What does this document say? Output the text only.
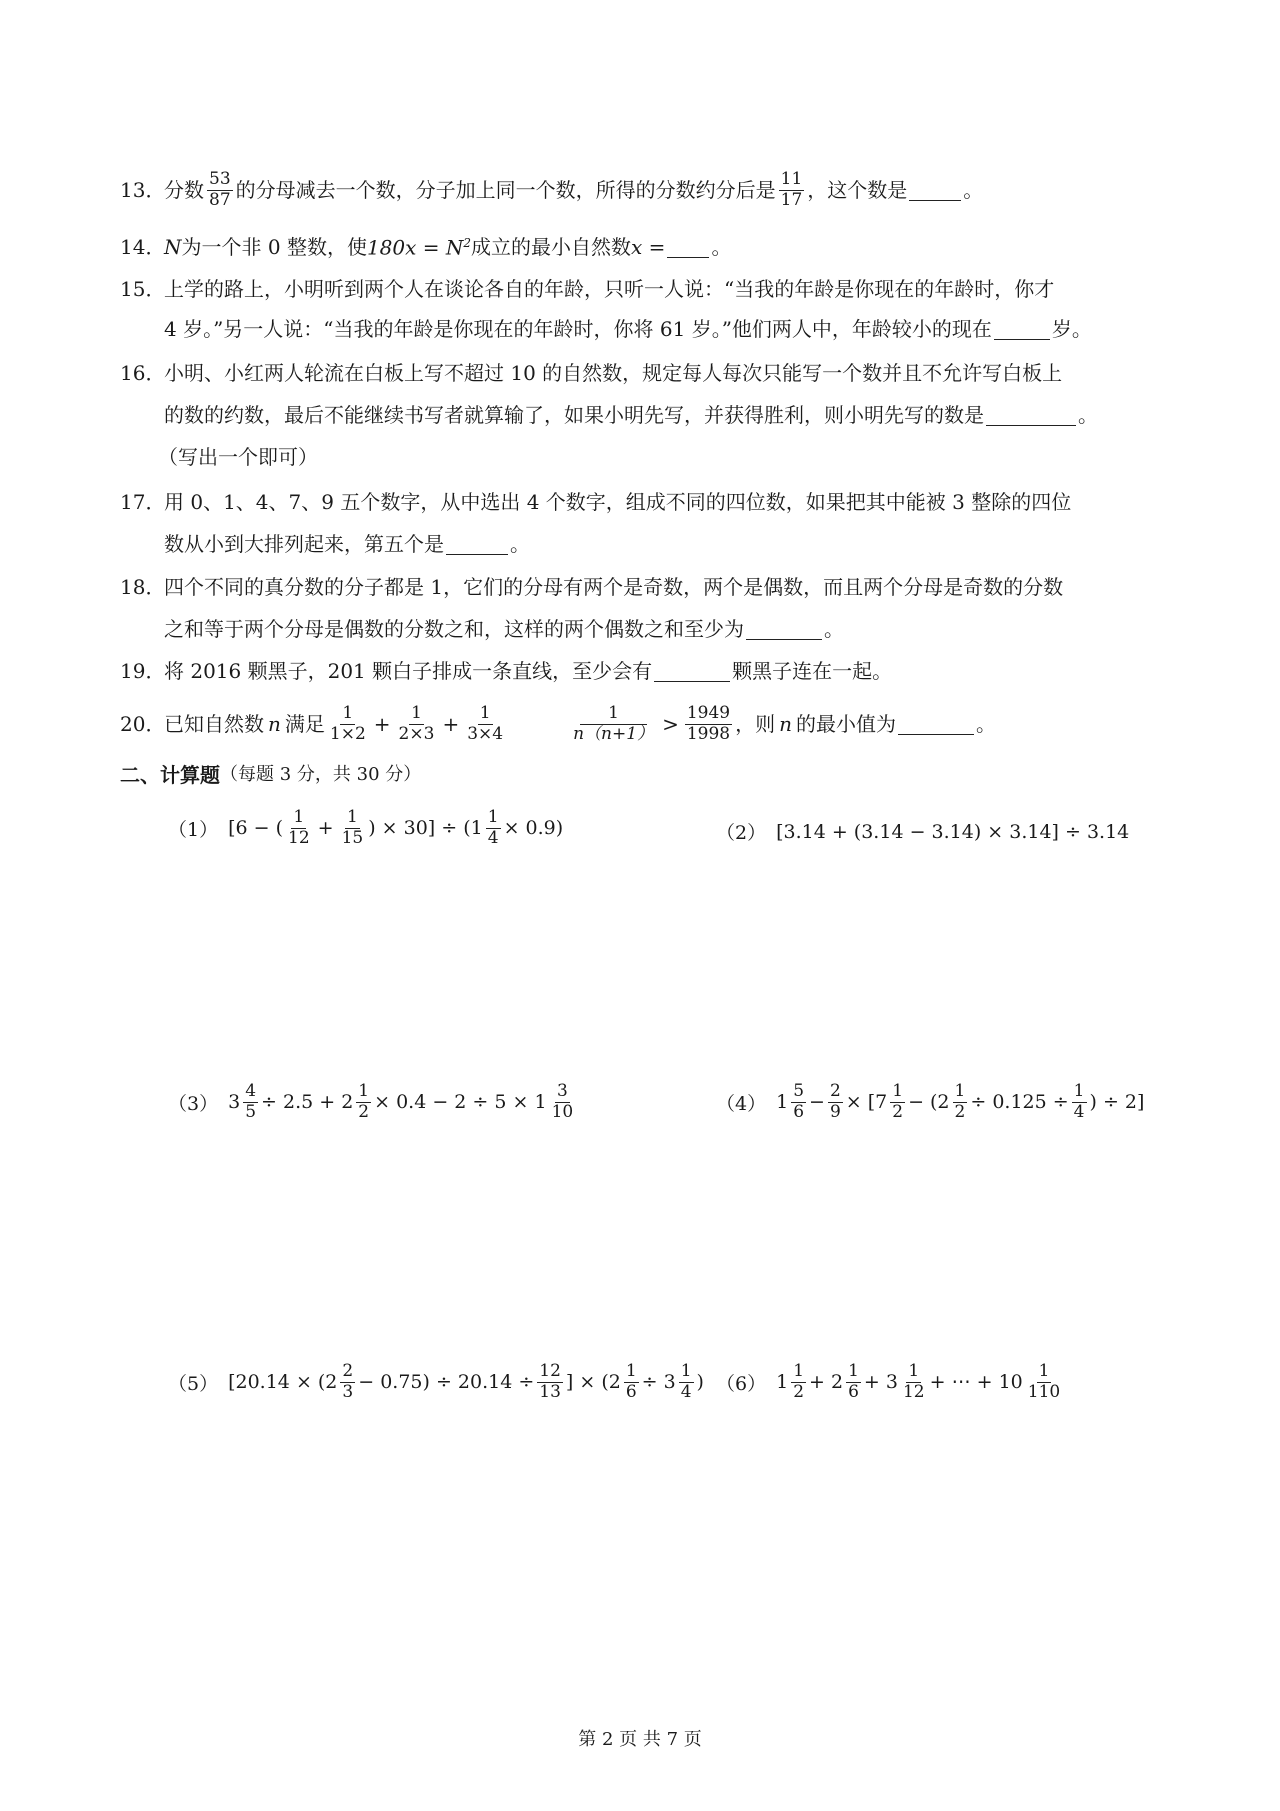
13．
分数 $\frac{53}{87}$ 的分母减去一个数，分子加上同一个数，所得的分数约分后是 $\frac{11}{17}$ ，这个数是	。
14．
N 为一个非 0 整数，使 $180x = N^2$ 成立的最小自然数 x = 。
15．
上学的路上，小明听到两个人在谈论各自的年龄，只听一人说：“当我的年龄是你现在的年龄时，你才
4 岁。”另一人说：“当我的年龄是你现在的年龄时，你将 61 岁。”他们两人中，年龄较小的现在	岁。
16．
小明、小红两人轮流在白板上写不超过 10 的自然数，规定每人每次只能写一个数并且不允许写白板上
的数的约数，最后不能继续书写者就算输了，如果小明先写，并获得胜利，则小明先写的数是	。
（写出一个即可）
17．
用 0、1、4、7、9 五个数字，从中选出 4 个数字，组成不同的四位数，如果把其中能被 3 整除的四位
数从小到大排列起来，第五个是	。
18．
四个不同的真分数的分子都是 1，它们的分母有两个是奇数，两个是偶数，而且两个分母是奇数的分数
之和等于两个分母是偶数的分数之和，这样的两个偶数之和至少为	。
19．
将 2016 颗黑子，201 颗白子排成一条直线，至少会有	颗黑子连在一起。
20．
已知自然数 n 满足 $\frac{1}{1\times 2} + \frac{1}{2\times 3} + \frac{1}{3\times 4}$	$\frac{1}{n(n+1)} > \frac{1949}{1998}$ ，则 n 的最小值为	。
二、计算题 （每题 3 分，共 30 分）
（1） [6 − ( $\frac{1}{12} + \frac{1}{15}$ ) × $30] \div (1 \frac{1}{4} \times 0.9)$	（2） [3.14 + (3.14 − 3.14) × 3.14] ÷ 3.14
（3） $3 \frac{4}{5} \div 2.5 + 2 \frac{1}{2} \times 0.4 - 2 \div 5 \times 1 \frac{3}{10}$	（4） $1 \frac{5}{6} - \frac{2}{9} \times [7 \frac{1}{2} - (2 \frac{1}{2} \div 0.125 \div \frac{1}{4}$ ) ÷ 2]
（5） [$20.14 \times (2 \frac{2}{3} - 0.75) \div 20.14 \div \frac{12}{13}$ ] × ($2 \frac{1}{6} \div 3 \frac{1}{4}$ ) （6） $1 \frac{1}{2} + 2 \frac{1}{6} + 3 \frac{1}{12}$ + ⋯ + $10 \frac{1}{110}$
第 2 页 共 7 页
